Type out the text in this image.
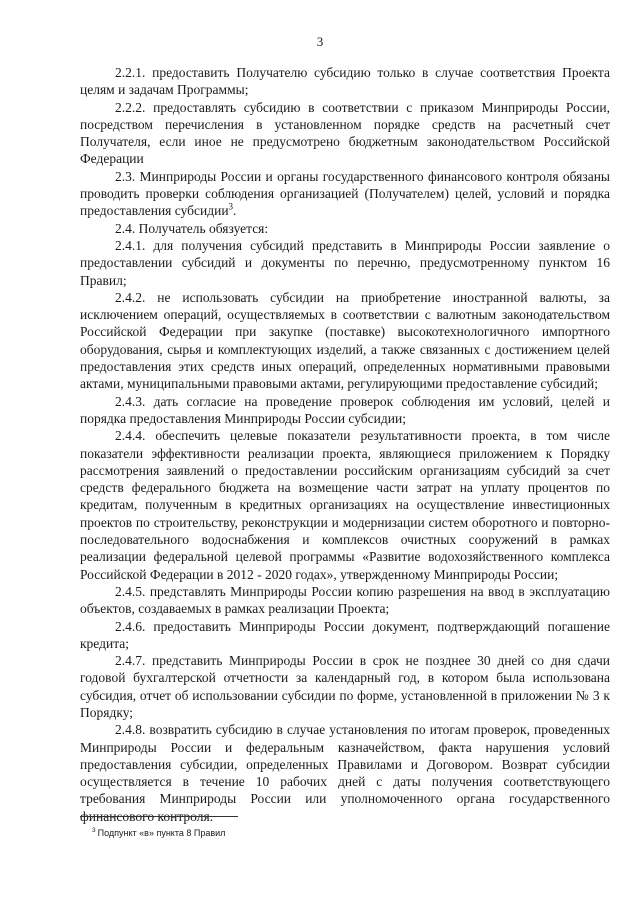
3

2.2.1. предоставить Получателю субсидию только в случае соответствия Проекта целям и задачам Программы;

2.2.2. предоставлять субсидию в соответствии с приказом Минприроды России, посредством перечисления в установленном порядке средств на расчетный счет Получателя, если иное не предусмотрено бюджетным законодательством Российской Федерации

2.3. Минприроды России и органы государственного финансового контроля обязаны проводить проверки соблюдения организацией (Получателем) целей, условий и порядка предоставления субсидии$^3$.

2.4. Получатель обязуется:

2.4.1. для получения субсидий представить в Минприроды России заявление о предоставлении субсидий и документы по перечню, предусмотренному пунктом 16 Правил;

2.4.2. не использовать субсидии на приобретение иностранной валюты, за исключением операций, осуществляемых в соответствии с валютным законодательством Российской Федерации при закупке (поставке) высокотехнологичного импортного оборудования, сырья и комплектующих изделий, а также связанных с достижением целей предоставления этих средств иных операций, определенных нормативными правовыми актами, муниципальными правовыми актами, регулирующими предоставление субсидий;

2.4.3. дать согласие на проведение проверок соблюдения им условий, целей и порядка предоставления Минприроды России субсидии;

2.4.4. обеспечить целевые показатели результативности проекта, в том числе показатели эффективности реализации проекта, являющиеся приложением к Порядку рассмотрения заявлений о предоставлении российским организациям субсидий за счет средств федерального бюджета на возмещение части затрат на уплату процентов по кредитам, полученным в кредитных организациях на осуществление инвестиционных проектов по строительству, реконструкции и модернизации систем оборотного и повторно-последовательного водоснабжения и комплексов очистных сооружений в рамках реализации федеральной целевой программы «Развитие водохозяйственного комплекса Российской Федерации в 2012 - 2020 годах», утвержденному Минприроды России;

2.4.5. представлять Минприроды России копию разрешения на ввод в эксплуатацию объектов, создаваемых в рамках реализации Проекта;

2.4.6. предоставить Минприроды России документ, подтверждающий погашение кредита;

2.4.7. представить Минприроды России в срок не позднее 30 дней со дня сдачи годовой бухгалтерской отчетности за календарный год, в котором была использована субсидия, отчет об использовании субсидии по форме, установленной в приложении № 3 к Порядку;

2.4.8. возвратить субсидию в случае установления по итогам проверок, проведенных Минприроды России и федеральным казначейством, факта нарушения условий предоставления субсидии, определенных Правилами и Договором. Возврат субсидии осуществляется в течение 10 рабочих дней с даты получения соответствующего требования Минприроды России или уполномоченного органа государственного финансового контроля.

$^3$ Подпункт «в» пункта 8 Правил
